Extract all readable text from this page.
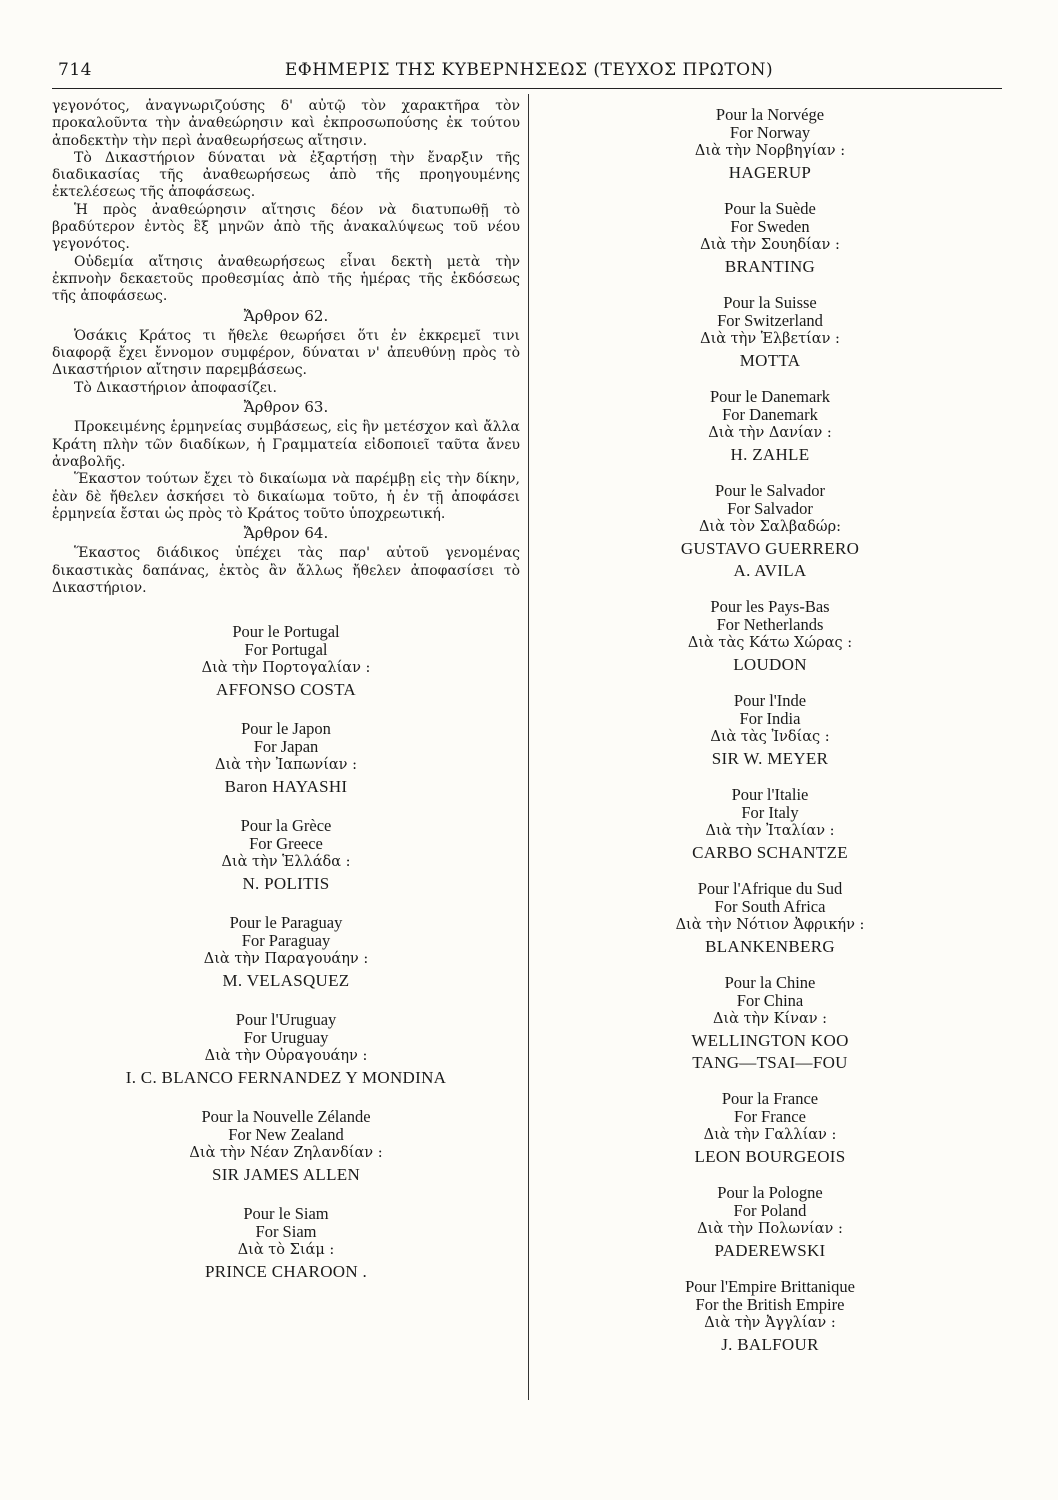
714	ΕΦΗΜΕΡΙΣ ΤΗΣ ΚΥΒΕΡΝΗΣΕΩΣ (ΤΕΥΧΟΣ ΠΡΩΤΟΝ)

γεγονότος, ἀναγνωριζούσης δ' αὐτῷ τὸν χαρακτῆρα τὸν προκαλοῦντα τὴν ἀναθεώρησιν καὶ ἐκπροσωπούσης ἐκ τούτου ἀποδεκτὴν τὴν περὶ ἀναθεωρήσεως αἴτησιν.

Τὸ Δικαστήριον δύναται νὰ ἐξαρτήσῃ τὴν ἔναρξιν τῆς διαδικασίας τῆς ἀναθεωρήσεως ἀπὸ τῆς προηγουμένης ἐκτελέσεως τῆς ἀποφάσεως.

Ἡ πρὸς ἀναθεώρησιν αἴτησις δέον νὰ διατυπωθῇ τὸ βραδύτερον ἐντὸς ἓξ μηνῶν ἀπὸ τῆς ἀνακαλύψεως τοῦ νέου γεγονότος.

Οὐδεμία αἴτησις ἀναθεωρήσεως εἶναι δεκτὴ μετὰ τὴν ἐκπνοὴν δεκαετοῦς προθεσμίας ἀπὸ τῆς ἡμέρας τῆς ἐκδόσεως τῆς ἀποφάσεως.

Ἄρθρον 62.

Ὁσάκις Κράτος τι ἤθελε θεωρήσει ὅτι ἐν ἐκκρεμεῖ τινι διαφορᾷ ἔχει ἔννομον συμφέρον, δύναται ν' ἀπευθύνῃ πρὸς τὸ Δικαστήριον αἴτησιν παρεμβάσεως.

Τὸ Δικαστήριον ἀποφασίζει.

Ἄρθρον 63.

Προκειμένης ἑρμηνείας συμβάσεως, εἰς ἣν μετέσχον καὶ ἄλλα Κράτη πλὴν τῶν διαδίκων, ἡ Γραμματεία εἰδοποιεῖ ταῦτα ἄνευ ἀναβολῆς.

Ἕκαστον τούτων ἔχει τὸ δικαίωμα νὰ παρέμβῃ εἰς τὴν δίκην, ἐὰν δὲ ἤθελεν ἀσκήσει τὸ δικαίωμα τοῦτο, ἡ ἐν τῇ ἀποφάσει ἑρμηνεία ἔσται ὡς πρὸς τὸ Κράτος τοῦτο ὑποχρεωτική.

Ἄρθρον 64.

Ἕκαστος διάδικος ὑπέχει τὰς παρ' αὐτοῦ γενομένας δικαστικὰς δαπάνας, ἐκτὸς ἂν ἄλλως ἤθελεν ἀποφασίσει τὸ Δικαστήριον.

Pour le Portugal
For Portugal
Διὰ τὴν Πορτογαλίαν :
AFFONSO COSTA
Pour le Japon
For Japan
Διὰ τὴν Ἰαπωνίαν :
Baron HAYASHI
Pour la Grèce
For Greece
Διὰ τὴν Ἑλλάδα :
N. POLITIS
Pour le Paraguay
For Paraguay
Διὰ τὴν Παραγουάην :
M. VELASQUEZ
Pour l'Uruguay
For Uruguay
Διὰ τὴν Οὐραγουάην :
I. C. BLANCO FERNANDEZ Y MONDINA
Pour la Nouvelle Zélande
For New Zealand
Διὰ τὴν Νέαν Ζηλανδίαν :
SIR JAMES ALLEN
Pour le Siam
For Siam
Διὰ τὸ Σιάμ :
PRINCE CHAROON .
Pour la Norvége
For Norway
Διὰ τὴν Νορβηγίαν :
HAGERUP
Pour la Suède
For Sweden
Διὰ τὴν Σουηδίαν :
BRANTING
Pour la Suisse
For Switzerland
Διὰ τὴν Ἑλβετίαν :
MOTTA
Pour le Danemark
For Danemark
Διὰ τὴν Δανίαν :
H. ZAHLE
Pour le Salvador
For Salvador
Διὰ τὸν Σαλβαδώρ:
GUSTAVO GUERRERO
A. AVILA
Pour les Pays-Bas
For Netherlands
Διὰ τὰς Κάτω Χώρας :
LOUDON
Pour l'Inde
For India
Διὰ τὰς Ἰνδίας :
SIR W. MEYER
Pour l'Italie
For Italy
Διὰ τὴν Ἰταλίαν :
CARBO SCHANTZE
Pour l'Afrique du Sud
For South Africa
Διὰ τὴν Νότιον Ἀφρικήν :
BLANKENBERG
Pour la Chine
For China
Διὰ τὴν Κίναν :
WELLINGTON KOO
TANG—TSAI—FOU
Pour la France
For France
Διὰ τὴν Γαλλίαν :
LEON BOURGEOIS
Pour la Pologne
For Poland
Διὰ τὴν Πολωνίαν :
PADEREWSKI
Pour l'Empire Brittanique
For the British Empire
Διὰ τὴν Ἀγγλίαν :
J. BALFOUR
